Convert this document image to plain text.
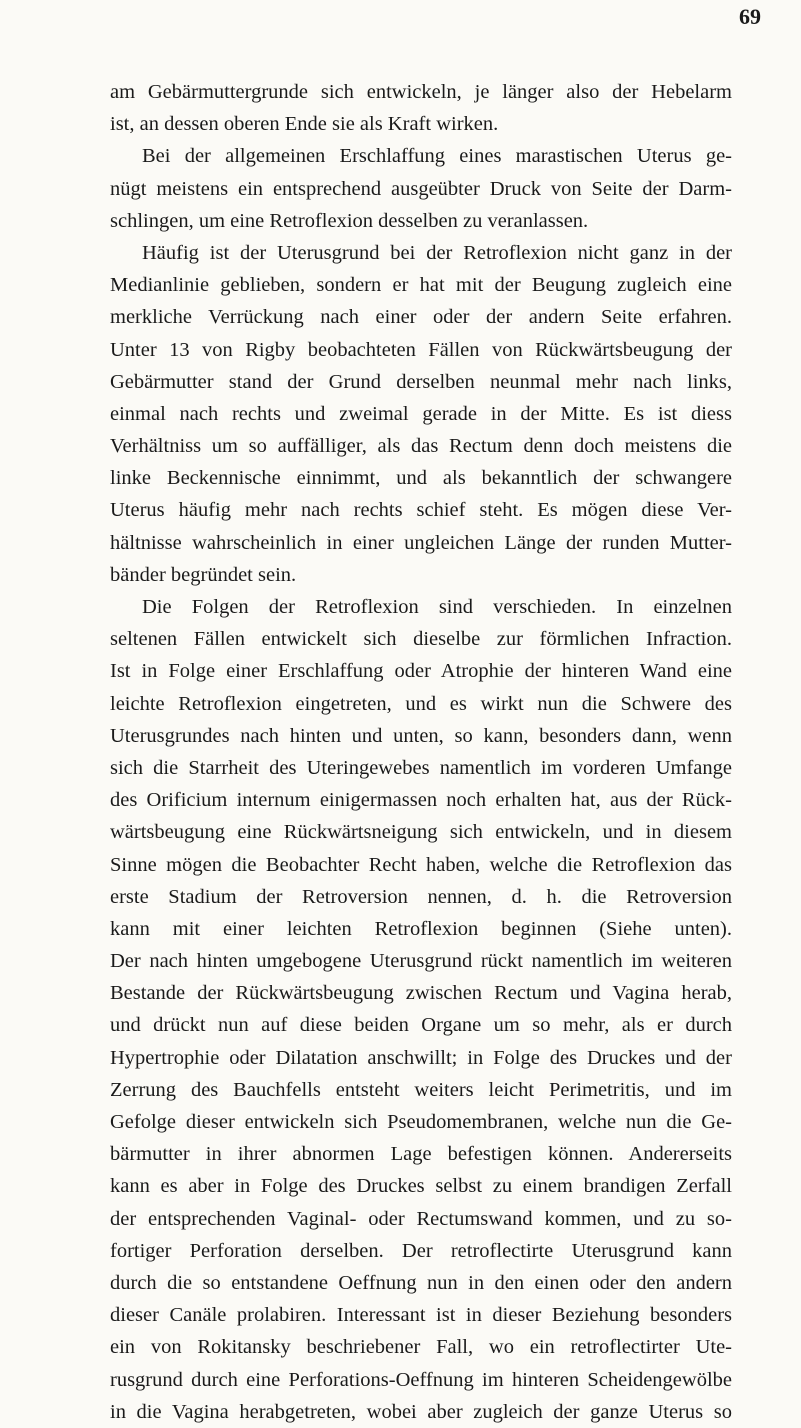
69
am Gebärmuttergrunde sich entwickeln, je länger also der Hebelarm
ist, an dessen oberen Ende sie als Kraft wirken.
Bei der allgemeinen Erschlaffung eines marastischen Uterus ge-
nügt meistens ein entsprechend ausgeübter Druck von Seite der Darm-
schlingen, um eine Retroflexion desselben zu veranlassen.
Häufig ist der Uterusgrund bei der Retroflexion nicht ganz in der
Medianlinie geblieben, sondern er hat mit der Beugung zugleich eine
merkliche Verrückung nach einer oder der andern Seite erfahren.
Unter 13 von Rigby beobachteten Fällen von Rückwärtsbeugung der
Gebärmutter stand der Grund derselben neunmal mehr nach links,
einmal nach rechts und zweimal gerade in der Mitte. Es ist diess
Verhältniss um so auffälliger, als das Rectum denn doch meistens die
linke Beckennische einnimmt, und als bekanntlich der schwangere
Uterus häufig mehr nach rechts schief steht. Es mögen diese Ver-
hältnisse wahrscheinlich in einer ungleichen Länge der runden Mutter-
bänder begründet sein.
Die Folgen der Retroflexion sind verschieden. In einzelnen
seltenen Fällen entwickelt sich dieselbe zur förmlichen Infraction.
Ist in Folge einer Erschlaffung oder Atrophie der hinteren Wand eine
leichte Retroflexion eingetreten, und es wirkt nun die Schwere des
Uterusgrundes nach hinten und unten, so kann, besonders dann, wenn
sich die Starrheit des Uteringewebes namentlich im vorderen Umfange
des Orificium internum einigermassen noch erhalten hat, aus der Rück-
wärtsbeugung eine Rückwärtsneigung sich entwickeln, und in diesem
Sinne mögen die Beobachter Recht haben, welche die Retroflexion das
erste Stadium der Retroversion nennen, d. h. die Retroversion
kann mit einer leichten Retroflexion beginnen (Siehe unten).
Der nach hinten umgebogene Uterusgrund rückt namentlich im weiteren
Bestande der Rückwärtsbeugung zwischen Rectum und Vagina herab,
und drückt nun auf diese beiden Organe um so mehr, als er durch
Hypertrophie oder Dilatation anschwillt; in Folge des Druckes und der
Zerrung des Bauchfells entsteht weiters leicht Perimetritis, und im
Gefolge dieser entwickeln sich Pseudomembranen, welche nun die Ge-
bärmutter in ihrer abnormen Lage befestigen können. Andererseits
kann es aber in Folge des Druckes selbst zu einem brandigen Zerfall
der entsprechenden Vaginal- oder Rectumswand kommen, und zu so-
fortiger Perforation derselben. Der retroflectirte Uterusgrund kann
durch die so entstandene Oeffnung nun in den einen oder den andern
dieser Canäle prolabiren. Interessant ist in dieser Beziehung besonders
ein von Rokitansky beschriebener Fall, wo ein retroflectirter Ute-
rusgrund durch eine Perforations-Oeffnung im hinteren Scheidengewölbe
in die Vagina herabgetreten, wobei aber zugleich der ganze Uterus so
